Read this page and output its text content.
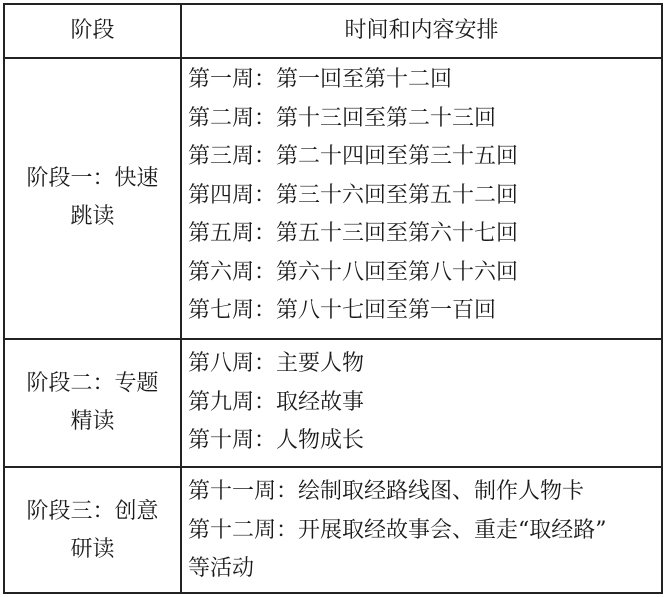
阶段	时间和内容安排
阶段一：快速
跳读
第一周：第一回至第十二回
第二周：第十三回至第二十三回
第三周：第二十四回至第三十五回
第四周：第三十六回至第五十二回
第五周：第五十三回至第六十七回
第六周：第六十八回至第八十六回
第七周：第八十七回至第一百回
阶段二：专题
精读
第八周：主要人物
第九周：取经故事
第十周：人物成长
阶段三：创意
研读
第十一周：绘制取经路线图、制作人物卡
第十二周：开展取经故事会、重走“取经路”
等活动
